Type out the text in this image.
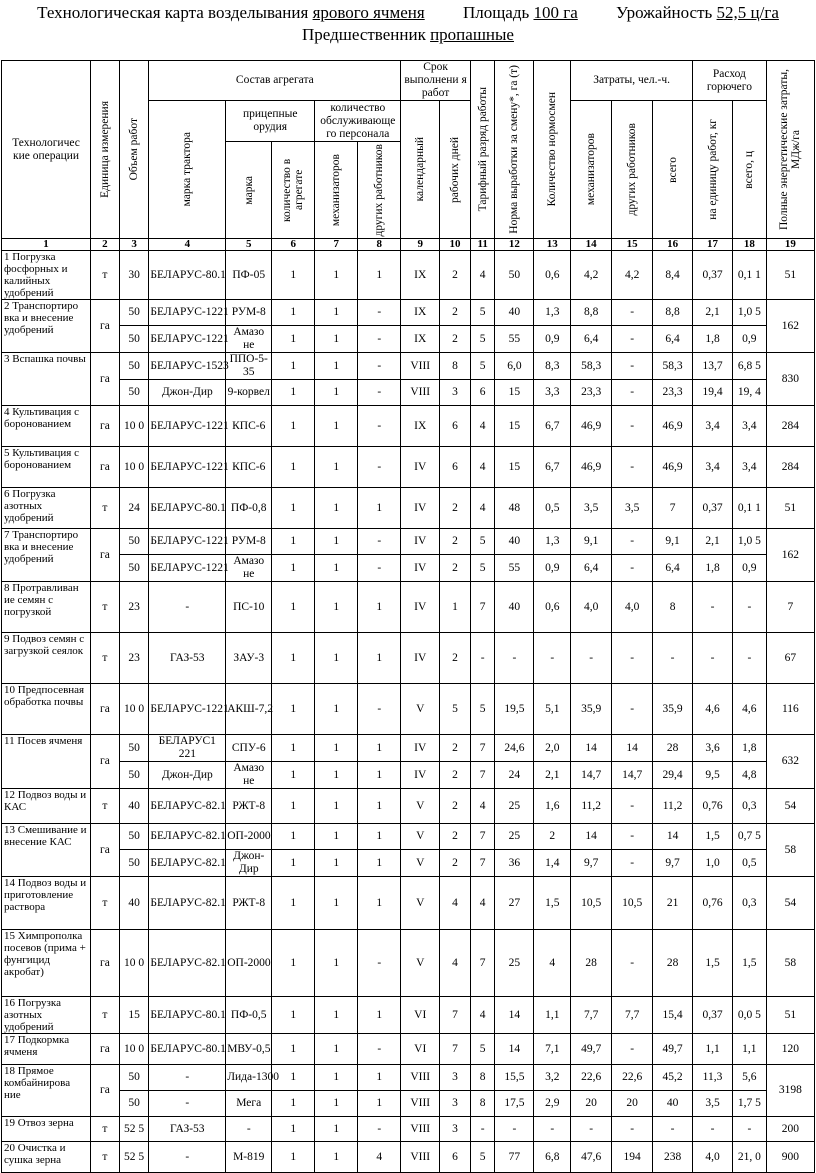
Технологическая карта возделывания ярового ячменя Площадь 100 га Урожайность 52,5 ц/га
Предшественник пропашные
Технологичес кие операции	Единица измерения	Объем работ	Состав агрегата					Срок выполнени я работ		Тарифный разряд работы	Норма выработки за смену*, га (т)	Количество нормосмен	Затраты, чел.-ч.			Расход горючего		Полные энергетические затраты, МДж/га

			марка трактора	прицепные орудия		количество обслуживающе го персонала		календарный	рабочих дней				механизаторов	других работников	всего	на единицу работ, кг	всего, ц	

				марка	количество в агрегате	механизаторов	других работников											

1	2	3	4	5	6	7	8	9	10	11	12	13	14	15	16	17	18	19
1 Погрузка фосфорных и калийных удобрений	т	30	БЕЛАРУС-80.1	ПФ-05	1	1	1	IX	2	4	50	0,6	4,2	4,2	8,4	0,37	0,1 1	51
2 Транспортиро вка и внесение удобрений	га	50	БЕЛАРУС-1221	РУМ-8	1	1	-	IX	2	5	40	1,3	8,8	-	8,8	2,1	1,0 5	162
		50	БЕЛАРУС-1221	Амазо не	1	1	-	IX	2	5	55	0,9	6,4	-	6,4	1,8	0,9	
3 Вспашка почвы	га	50	БЕЛАРУС-1523	ППО-5-35	1	1	-	VIII	8	5	6,0	8,3	58,3	-	58,3	13,7	6,8 5	830
		50	Джон-Дир	9-корвел	1	1	-	VIII	3	6	15	3,3	23,3	-	23,3	19,4	19, 4	
4 Культивация с боронованием	га	10 0	БЕЛАРУС-1221	КПС-6	1	1	-	IX	6	4	15	6,7	46,9	-	46,9	3,4	3,4	284
5 Культивация с боронованием	га	10 0	БЕЛАРУС-1221	КПС-6	1	1	-	IV	6	4	15	6,7	46,9	-	46,9	3,4	3,4	284
6 Погрузка азотных удобрений	т	24	БЕЛАРУС-80.1	ПФ-0,8	1	1	1	IV	2	4	48	0,5	3,5	3,5	7	0,37	0,1 1	51
7 Транспортиро вка и внесение удобрений	га	50	БЕЛАРУС-1221	РУМ-8	1	1	-	IV	2	5	40	1,3	9,1	-	9,1	2,1	1,0 5	162
		50	БЕЛАРУС-1221	Амазо не	1	1	-	IV	2	5	55	0,9	6,4	-	6,4	1,8	0,9	
8 Протравливан ие семян с погрузкой	т	23	-	ПС-10	1	1	1	IV	1	7	40	0,6	4,0	4,0	8	-	-	7
9 Подвоз семян с загрузкой сеялок	т	23	ГАЗ-53	ЗАУ-3	1	1	1	IV	2	-	-	-	-	-	-	-	-	67
10 Предпосевная обработка почвы	га	10 0	БЕЛАРУС-1221	АКШ-7,2	1	1	-	V	5	5	19,5	5,1	35,9	-	35,9	4,6	4,6	116
11 Посев ячменя	га	50	БЕЛАРУС1 221	СПУ-6	1	1	1	IV	2	7	24,6	2,0	14	14	28	3,6	1,8	632
		50	Джон-Дир	Амазо не	1	1	1	IV	2	7	24	2,1	14,7	14,7	29,4	9,5	4,8	
12 Подвоз воды и КАС	т	40	БЕЛАРУС-82.1	РЖТ-8	1	1	1	V	2	4	25	1,6	11,2	-	11,2	0,76	0,3	54
13 Смешивание и внесение КАС	га	50	БЕЛАРУС-82.1	ОП-2000	1	1	1	V	2	7	25	2	14	-	14	1,5	0,7 5	58
		50	БЕЛАРУС-82.1	Джон-Дир	1	1	1	V	2	7	36	1,4	9,7	-	9,7	1,0	0,5	
14 Подвоз воды и приготовление раствора	т	40	БЕЛАРУС-82.1	РЖТ-8	1	1	1	V	4	4	27	1,5	10,5	10,5	21	0,76	0,3	54
15 Химпрополка посевов (прима + фунгицид акробат)	га	10 0	БЕЛАРУС-82.1	ОП-2000	1	1	-	V	4	7	25	4	28	-	28	1,5	1,5	58
16 Погрузка азотных удобрений	т	15	БЕЛАРУС-80.1	ПФ-0,5	1	1	1	VI	7	4	14	1,1	7,7	7,7	15,4	0,37	0,0 5	51
17 Подкормка ячменя	га	10 0	БЕЛАРУС-80.1	МВУ-0,5	1	1	-	VI	7	5	14	7,1	49,7	-	49,7	1,1	1,1	120
18 Прямое комбайнирова ние	га	50	-	Лида-1300	1	1	1	VIII	3	8	15,5	3,2	22,6	22,6	45,2	11,3	5,6	3198
		50	-	Мега	1	1	1	VIII	3	8	17,5	2,9	20	20	40	3,5	1,7 5	
19 Отвоз зерна	т	52 5	ГАЗ-53	-	1	1	-	VIII	3	-	-	-	-	-	-	-	-	200
20 Очистка и сушка зерна	т	52 5	-	М-819	1	1	4	VIII	6	5	77	6,8	47,6	194	238	4,0	21, 0	900
